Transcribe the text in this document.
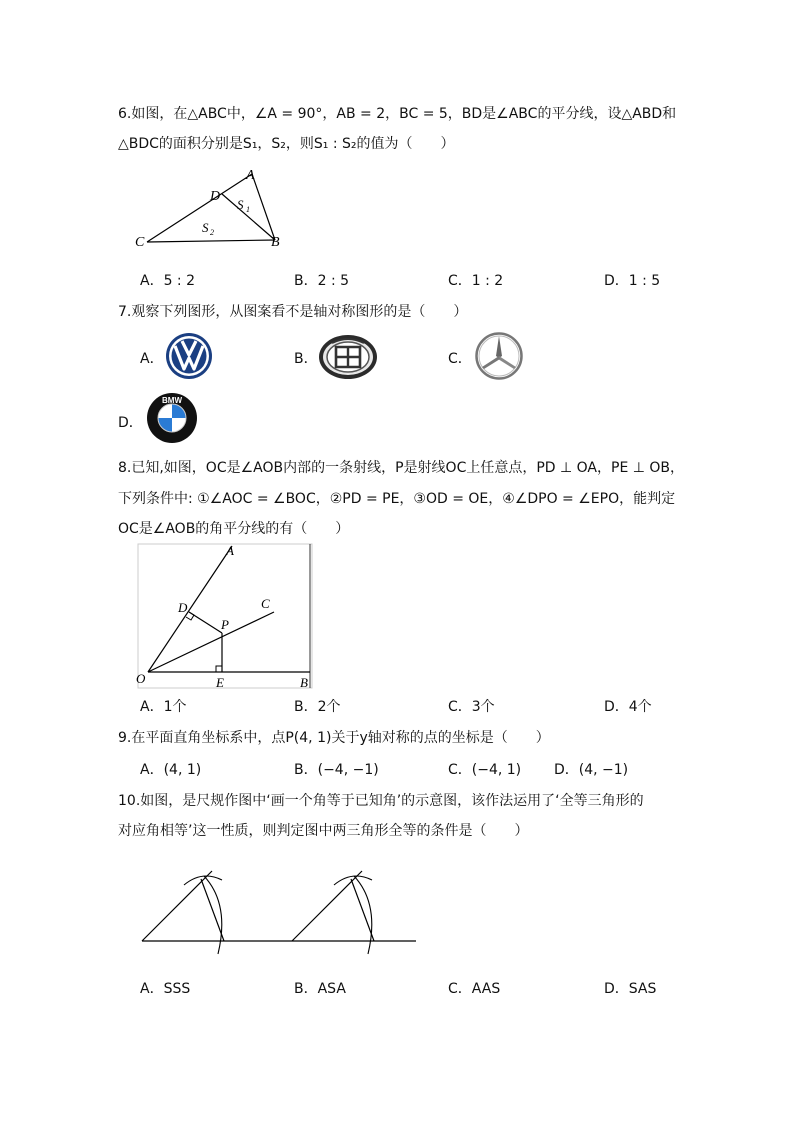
6.如图，在△ABC中，∠A = 90°，AB = 2，BC = 5，BD是∠ABC的平分线，设△ABD和
△BDC的面积分别是S₁，S₂，则S₁ : S₂的值为（　　）
A
D
C	B
S 1
S 2
A．5 : 2	B．2 : 5	C．1 : 2	D．1 : 5
7.观察下列图形，从图案看不是轴对称图形的是（　　）
A．	B．	C．
D．
BMW
8.已知,如图，OC是∠AOB内部的一条射线，P是射线OC上任意点，PD ⊥ OA，PE ⊥ OB，
下列条件中: ①∠AOC = ∠BOC，②PD = PE，③OD = OE，④∠DPO = ∠EPO，能判定
OC是∠AOB的角平分线的有（　　）
A
C
D
P
O	E	B
A．1个	B．2个	C．3个	D．4个
9.在平面直角坐标系中，点P(4, 1)关于y轴对称的点的坐标是（　　）
A．(4, 1)	B．(−4, −1)	C．(−4, 1) D．(4, −1)
10.如图，是尺规作图中‘画一个角等于已知角’的示意图，该作法运用了‘全等三角形的
对应角相等’这一性质，则判定图中两三角形全等的条件是（　　）
A．SSS	B．ASA	C．AAS	D．SAS
